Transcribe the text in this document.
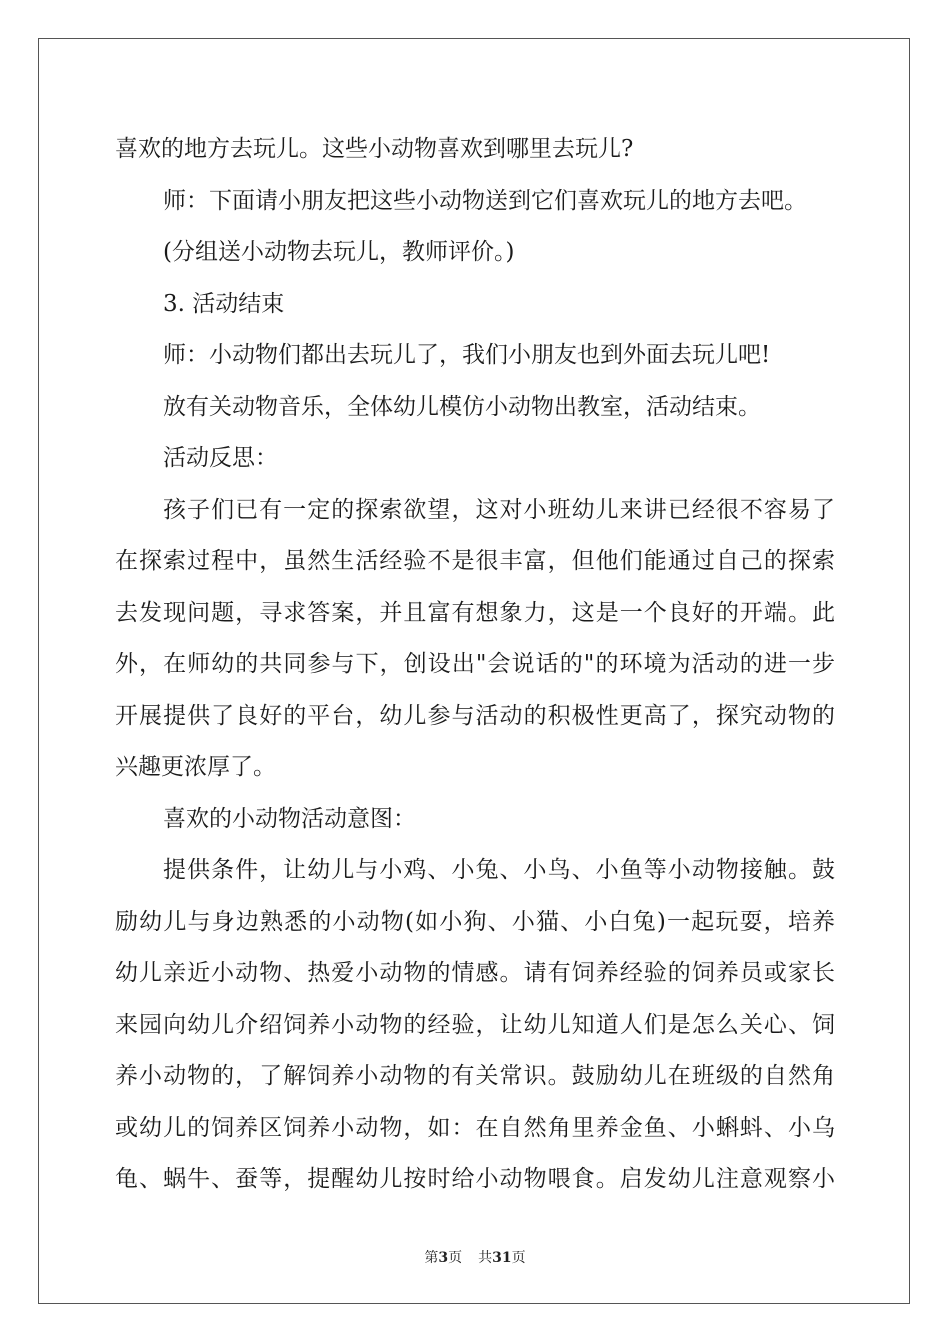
喜欢的地方去玩儿。这些小动物喜欢到哪里去玩儿?
师：下面请小朋友把这些小动物送到它们喜欢玩儿的地方去吧。
(分组送小动物去玩儿，教师评价。)
3. 活动结束
师：小动物们都出去玩儿了，我们小朋友也到外面去玩儿吧!
放有关动物音乐，全体幼儿模仿小动物出教室，活动结束。
活动反思：
孩子们已有一定的探索欲望，这对小班幼儿来讲已经很不容易了
在探索过程中，虽然生活经验不是很丰富，但他们能通过自己的探索
去发现问题，寻求答案，并且富有想象力，这是一个良好的开端。此
外，在师幼的共同参与下，创设出"会说话的"的环境为活动的进一步
开展提供了良好的平台，幼儿参与活动的积极性更高了，探究动物的
兴趣更浓厚了。
喜欢的小动物活动意图：
提供条件，让幼儿与小鸡、小兔、小鸟、小鱼等小动物接触。鼓
励幼儿与身边熟悉的小动物(如小狗、小猫、小白兔)一起玩耍，培养
幼儿亲近小动物、热爱小动物的情感。请有饲养经验的饲养员或家长
来园向幼儿介绍饲养小动物的经验，让幼儿知道人们是怎么关心、饲
养小动物的，了解饲养小动物的有关常识。鼓励幼儿在班级的自然角
或幼儿的饲养区饲养小动物，如：在自然角里养金鱼、小蝌蚪、小乌
龟、蜗牛、蚕等，提醒幼儿按时给小动物喂食。启发幼儿注意观察小
第3页 共31页
